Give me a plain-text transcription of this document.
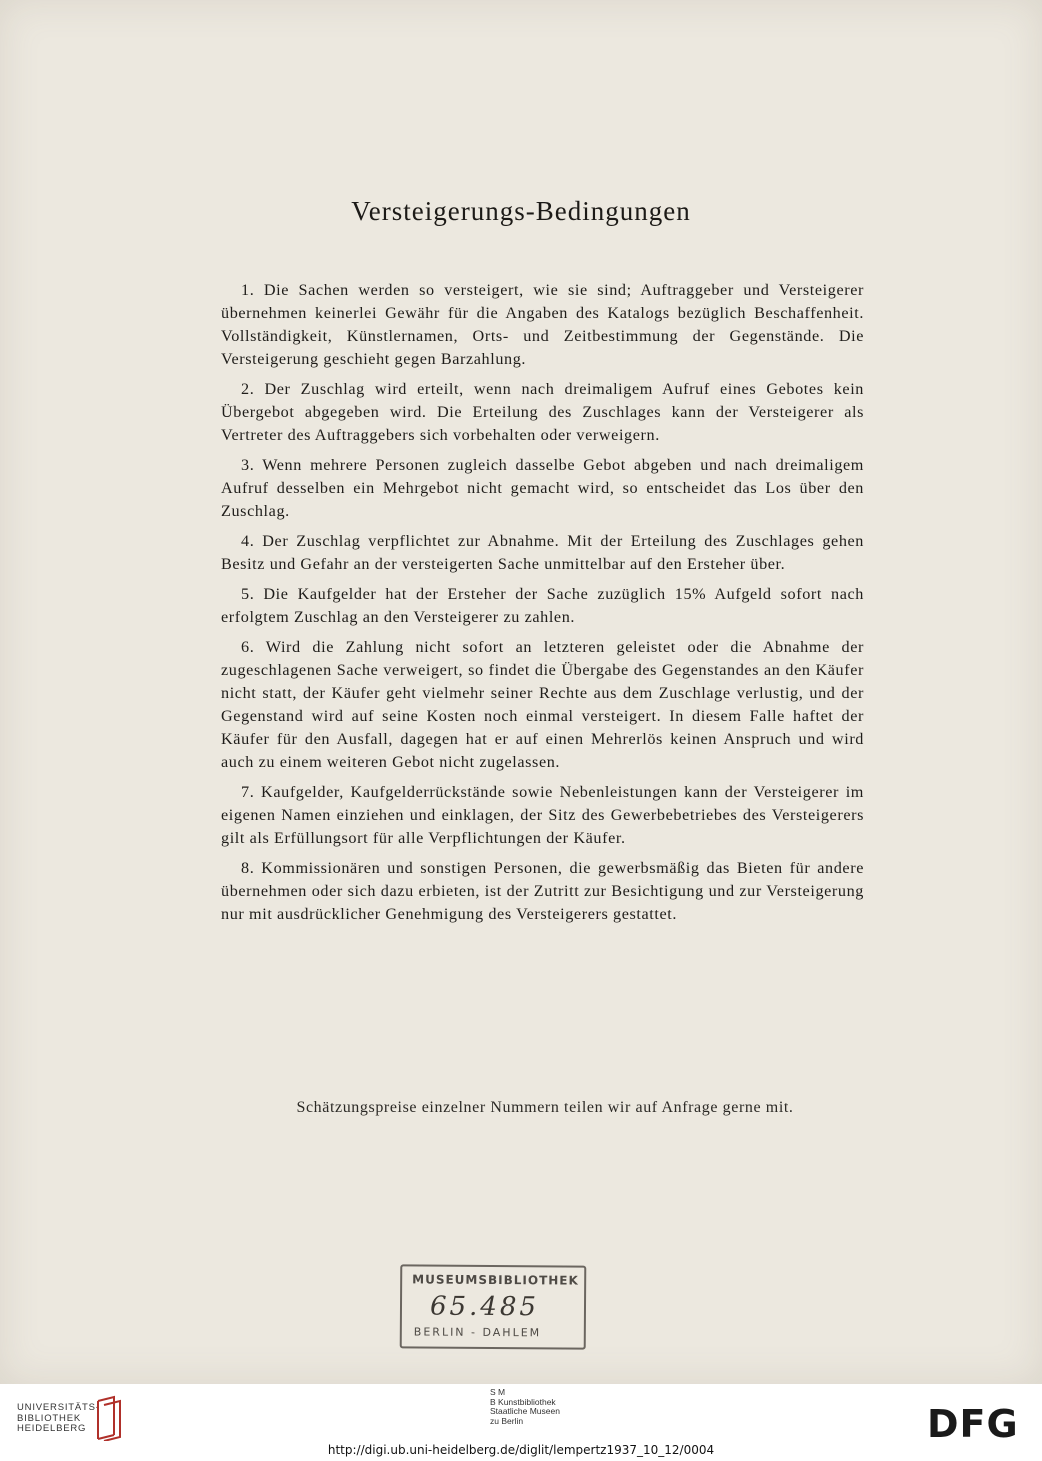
Versteigerungs-Bedingungen

1. Die Sachen werden so versteigert, wie sie sind; Auftraggeber und Versteigerer übernehmen keinerlei Gewähr für die Angaben des Katalogs bezüglich Beschaffenheit. Vollständigkeit, Künstlernamen, Orts- und Zeitbestimmung der Gegenstände. Die Versteigerung geschieht gegen Barzahlung.

2. Der Zuschlag wird erteilt, wenn nach dreimaligem Aufruf eines Gebotes kein Übergebot abgegeben wird. Die Erteilung des Zuschlages kann der Versteigerer als Vertreter des Auftraggebers sich vorbehalten oder verweigern.

3. Wenn mehrere Personen zugleich dasselbe Gebot abgeben und nach dreimaligem Aufruf desselben ein Mehrgebot nicht gemacht wird, so entscheidet das Los über den Zuschlag.

4. Der Zuschlag verpflichtet zur Abnahme. Mit der Erteilung des Zuschlages gehen Besitz und Gefahr an der versteigerten Sache unmittelbar auf den Ersteher über.

5. Die Kaufgelder hat der Ersteher der Sache zuzüglich 15% Aufgeld sofort nach erfolgtem Zuschlag an den Versteigerer zu zahlen.

6. Wird die Zahlung nicht sofort an letzteren geleistet oder die Abnahme der zugeschlagenen Sache verweigert, so findet die Übergabe des Gegenstandes an den Käufer nicht statt, der Käufer geht vielmehr seiner Rechte aus dem Zuschlage verlustig, und der Gegenstand wird auf seine Kosten noch einmal versteigert. In diesem Falle haftet der Käufer für den Ausfall, dagegen hat er auf einen Mehrerlös keinen Anspruch und wird auch zu einem weiteren Gebot nicht zugelassen.

7. Kaufgelder, Kaufgelderrückstände sowie Nebenleistungen kann der Versteigerer im eigenen Namen einziehen und einklagen, der Sitz des Gewerbebetriebes des Versteigerers gilt als Erfüllungsort für alle Verpflichtungen der Käufer.

8. Kommissionären und sonstigen Personen, die gewerbsmäßig das Bieten für andere übernehmen oder sich dazu erbieten, ist der Zutritt zur Besichtigung und zur Versteigerung nur mit ausdrücklicher Genehmigung des Versteigerers gestattet.

Schätzungspreise einzelner Nummern teilen wir auf Anfrage gerne mit.
MUSEUMSBIBLIOTHEK
65.485
BERLIN - DAHLEM
UNIVERSITÄTS-
BIBLIOTHEK
HEIDELBERG
S M
B Kunstbibliothek
Staatliche Museen
zu Berlin
http://digi.ub.uni-heidelberg.de/diglit/lempertz1937_10_12/0004
DFG
